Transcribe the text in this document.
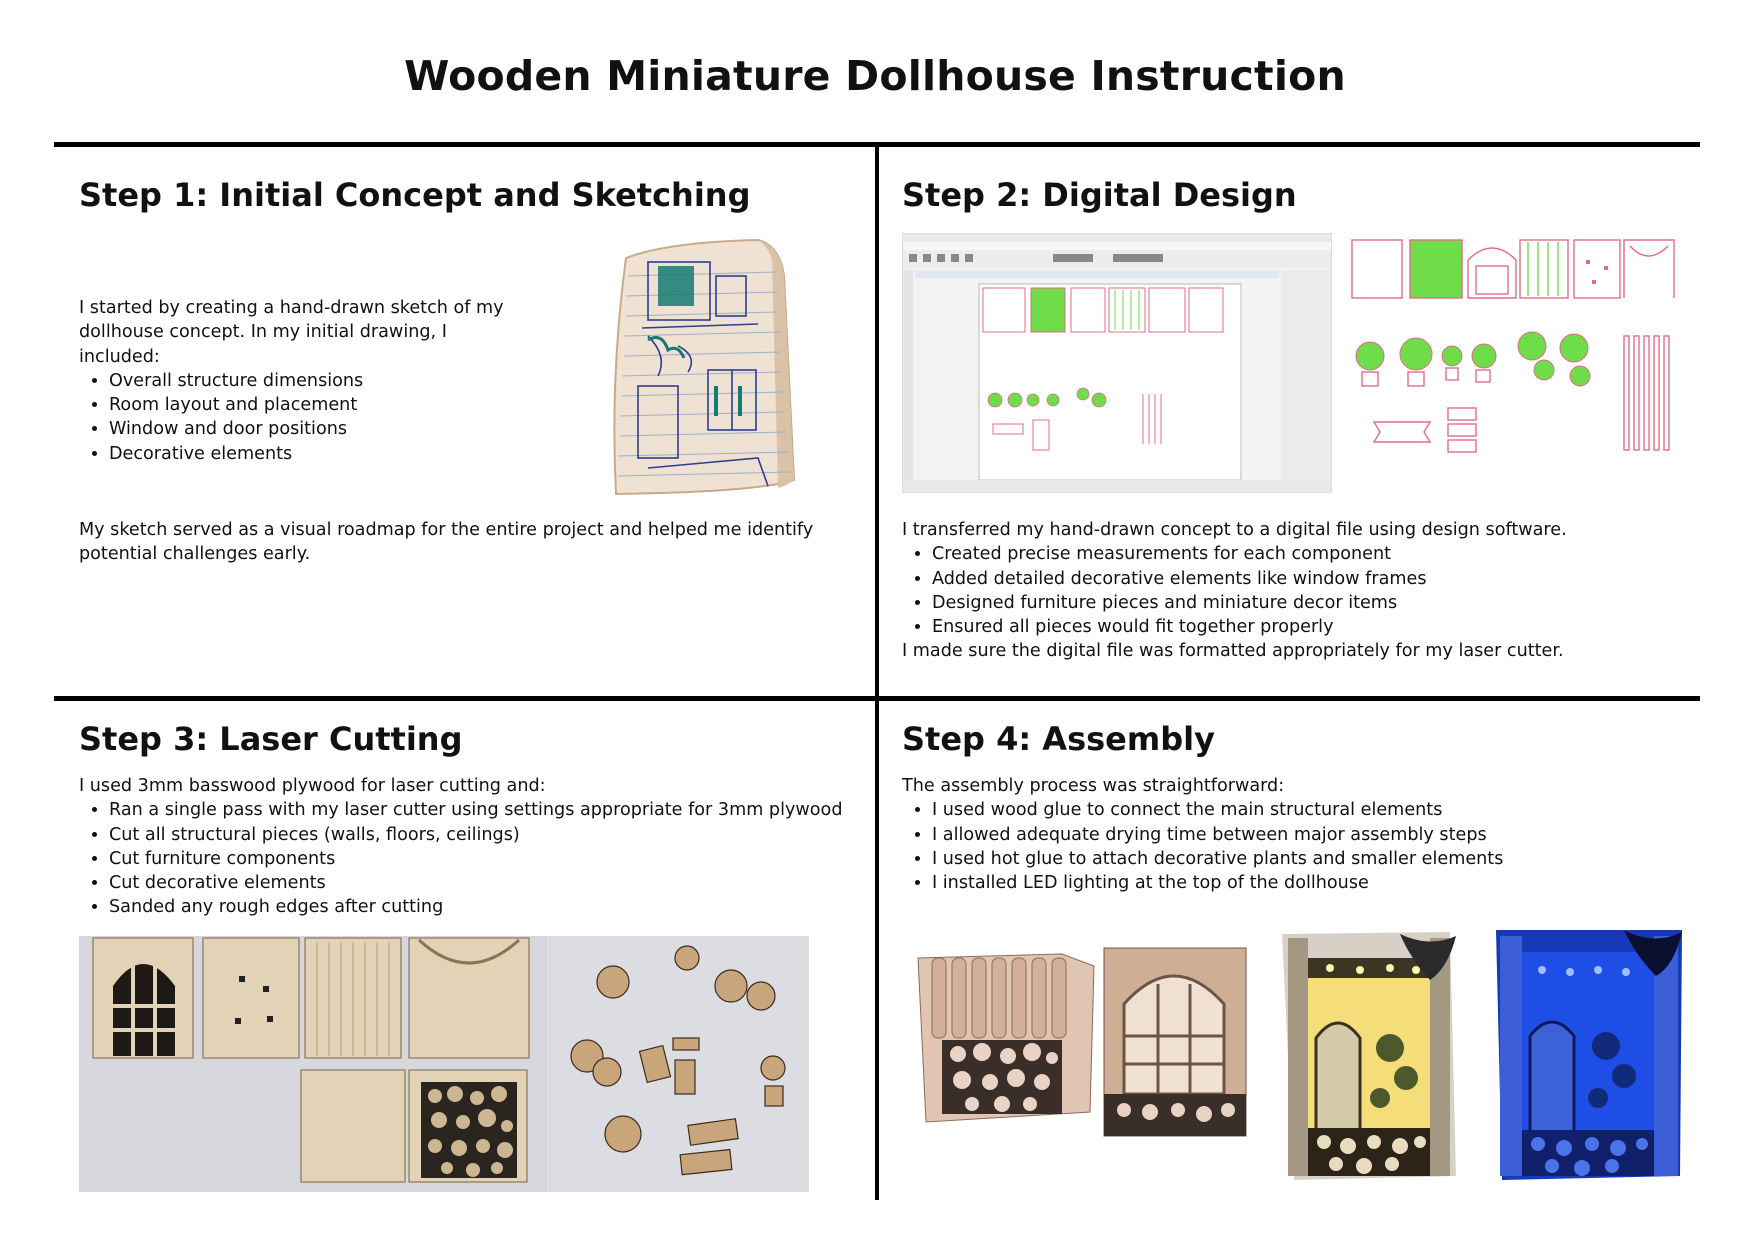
Wooden Miniature Dollhouse Instruction
Step 1: Initial Concept and Sketching

I started by creating a hand-drawn sketch of my dollhouse concept. In my initial drawing, I included:

• Overall structure dimensions
• Room layout and placement
• Window and door positions
• Decorative elements

My sketch served as a visual roadmap for the entire project and helped me identify potential challenges early.

Step 2: Digital Design

I transferred my hand-drawn concept to a digital file using design software.

• Created precise measurements for each component
• Added detailed decorative elements like window frames
• Designed furniture pieces and miniature decor items
• Ensured all pieces would fit together properly

I made sure the digital file was formatted appropriately for my laser cutter.

Step 3: Laser Cutting

I used 3mm basswood plywood for laser cutting and:

• Ran a single pass with my laser cutter using settings appropriate for 3mm plywood
• Cut all structural pieces (walls, floors, ceilings)
• Cut furniture components
• Cut decorative elements
• Sanded any rough edges after cutting
Step 4: Assembly

The assembly process was straightforward:

• I used wood glue to connect the main structural elements
• I allowed adequate drying time between major assembly steps
• I used hot glue to attach decorative plants and smaller elements
• I installed LED lighting at the top of the dollhouse
